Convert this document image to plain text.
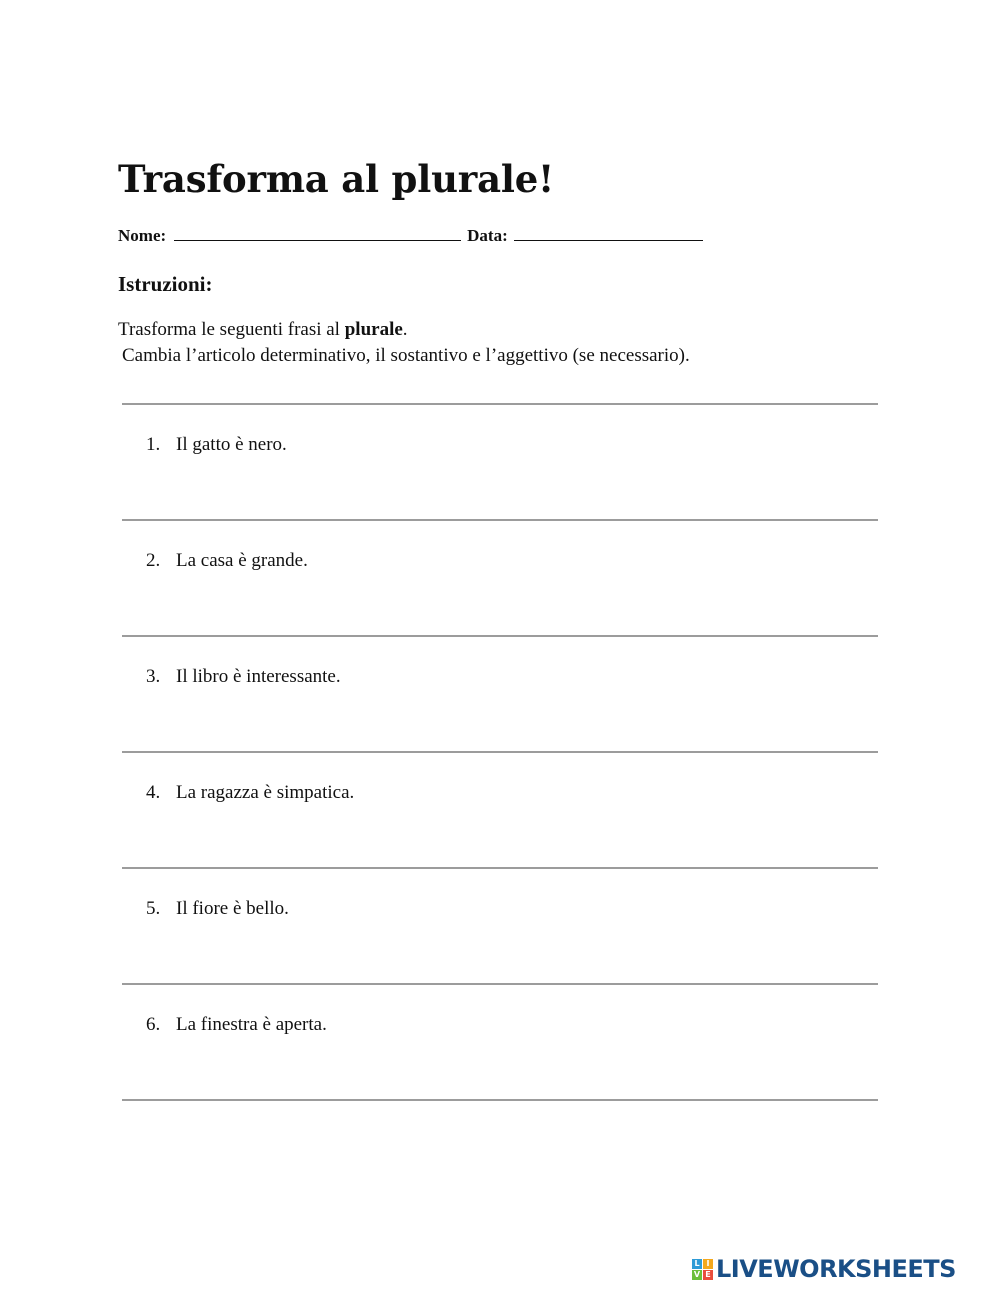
Trasforma al plurale!
Nome:	Data:
Istruzioni:
Trasforma le seguenti frasi al plurale.
Cambia l’articolo determinativo, il sostantivo e l’aggettivo (se necessario).
1. Il gatto è nero.
2. La casa è grande.
3. Il libro è interessante.
4. La ragazza è simpatica.
5. Il fiore è bello.
6. La finestra è aperta.
L I
V E LIVEWORKSHEETS
